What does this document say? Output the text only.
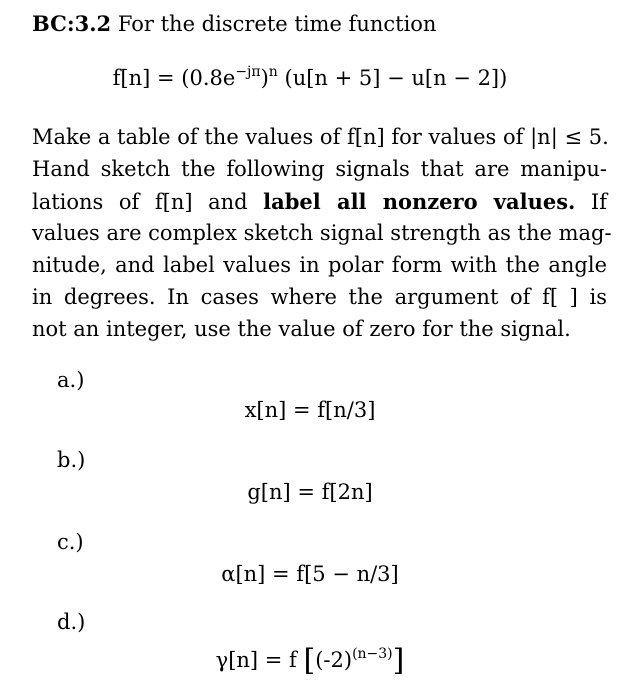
BC:3.2 For the discrete time function
$f[n] = (0.8e^{-j\pi})^n$ (u[n + 5] − u[n − 2])
Make a table of the values of f[n] for values of |n| ≤ 5.
Hand sketch the following signals that are manipu-
lations of f[n] and label all nonzero values. If
values are complex sketch signal strength as the mag-
nitude, and label values in polar form with the angle
in degrees. In cases where the argument of f[ ] is
not an integer, use the value of zero for the signal.
a.)
x[n] = f[n/3]
b.)
g[n] = f[2n]
c.)
α[n] = f[5 − n/3]
d.)
γ[n] = f $[(-2)^{(n-3)}]$
